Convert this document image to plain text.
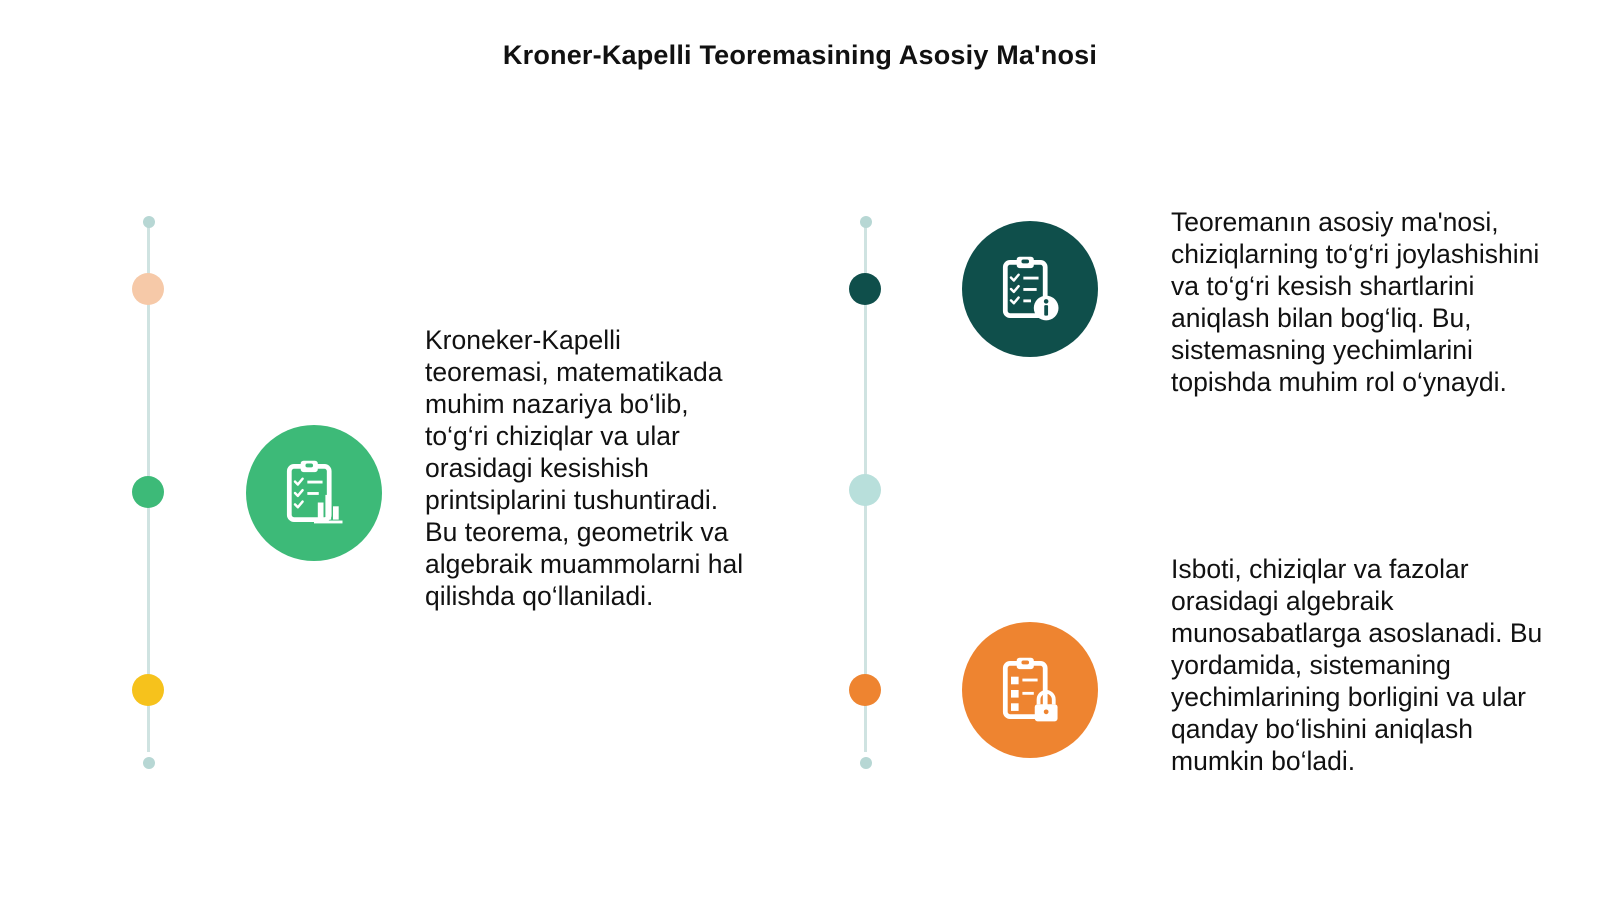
Kroner-Kapelli Teoremasining Asosiy Ma'nosi
Kroneker-Kapelli teoremasi, matematikada muhim nazariya bo‘lib, to‘g‘ri chiziqlar va ular orasidagi kesishish printsiplarini tushuntiradi. Bu teorema, geometrik va algebraik muammolarni hal qilishda qo‘llaniladi.
Teoremanın asosiy ma'nosi, chiziqlarning to‘g‘ri joylashishini va to‘g‘ri kesish shartlarini aniqlash bilan bog‘liq. Bu, sistemasning yechimlarini topishda muhim rol o‘ynaydi.
Isboti, chiziqlar va fazolar orasidagi algebraik munosabatlarga asoslanadi. Bu yordamida, sistemaning yechimlarining borligini va ular qanday bo‘lishini aniqlash mumkin bo‘ladi.
